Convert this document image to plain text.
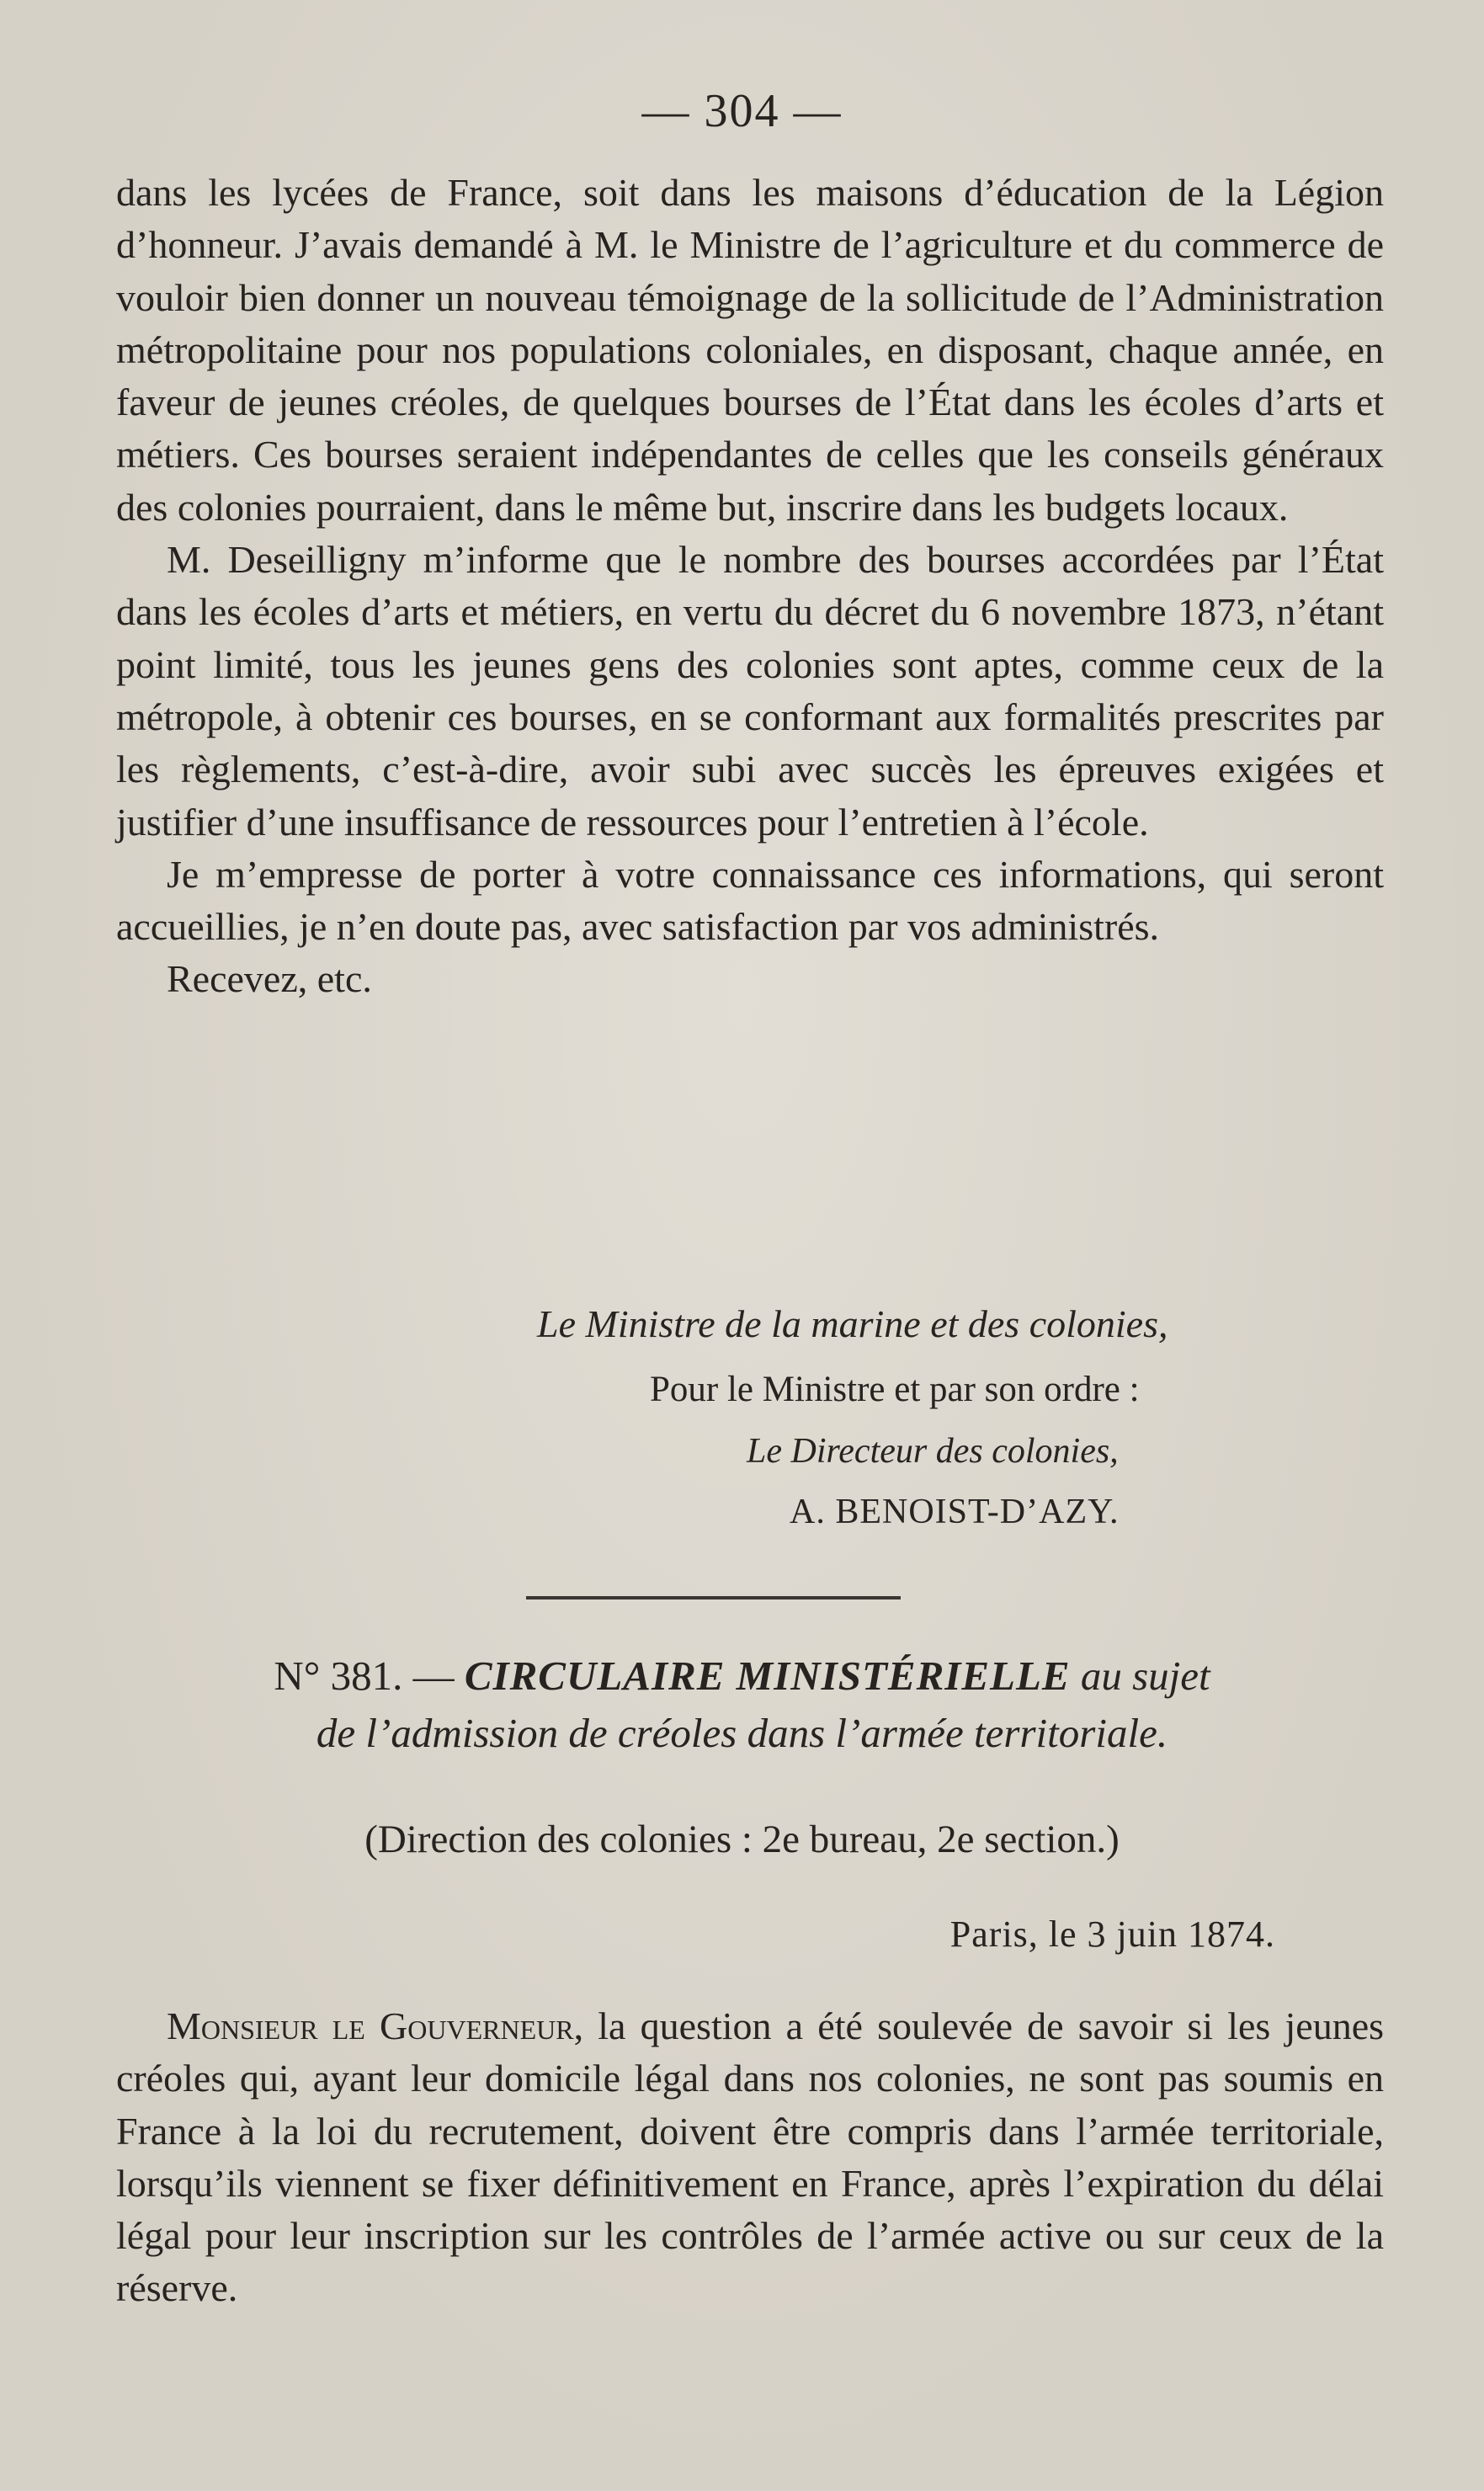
— 304 —

dans les lycées de France, soit dans les maisons d’éducation de la Légion d’honneur. J’avais demandé à M. le Ministre de l’agriculture et du commerce de vouloir bien donner un nouveau témoignage de la sollicitude de l’Administration métropolitaine pour nos populations coloniales, en disposant, chaque année, en faveur de jeunes créoles, de quelques bourses de l’État dans les écoles d’arts et métiers. Ces bourses seraient indépendantes de celles que les conseils généraux des colonies pourraient, dans le même but, inscrire dans les budgets locaux.

M. Deseilligny m’informe que le nombre des bourses accordées par l’État dans les écoles d’arts et métiers, en vertu du décret du 6 novembre 1873, n’étant point limité, tous les jeunes gens des colonies sont aptes, comme ceux de la métropole, à obtenir ces bourses, en se conformant aux formalités prescrites par les règlements, c’est-à-dire, avoir subi avec succès les épreuves exigées et justifier d’une insuffisance de ressources pour l’entretien à l’école.

Je m’empresse de porter à votre connaissance ces informations, qui seront accueillies, je n’en doute pas, avec satisfaction par vos administrés.

Recevez, etc.

Le Ministre de la marine et des colonies,
Pour le Ministre et par son ordre :
Le Directeur des colonies,
A. BENOIST-D’AZY.
N° 381. — CIRCULAIRE MINISTÉRIELLE au sujet
de l’admission de créoles dans l’armée territoriale.
(Direction des colonies : 2e bureau, 2e section.)
Paris, le 3 juin 1874.

Monsieur le Gouverneur, la question a été soulevée de savoir si les jeunes créoles qui, ayant leur domicile légal dans nos colonies, ne sont pas soumis en France à la loi du recrutement, doivent être compris dans l’armée territoriale, lorsqu’ils viennent se fixer définitivement en France, après l’expiration du délai légal pour leur inscription sur les contrôles de l’armée active ou sur ceux de la réserve.
